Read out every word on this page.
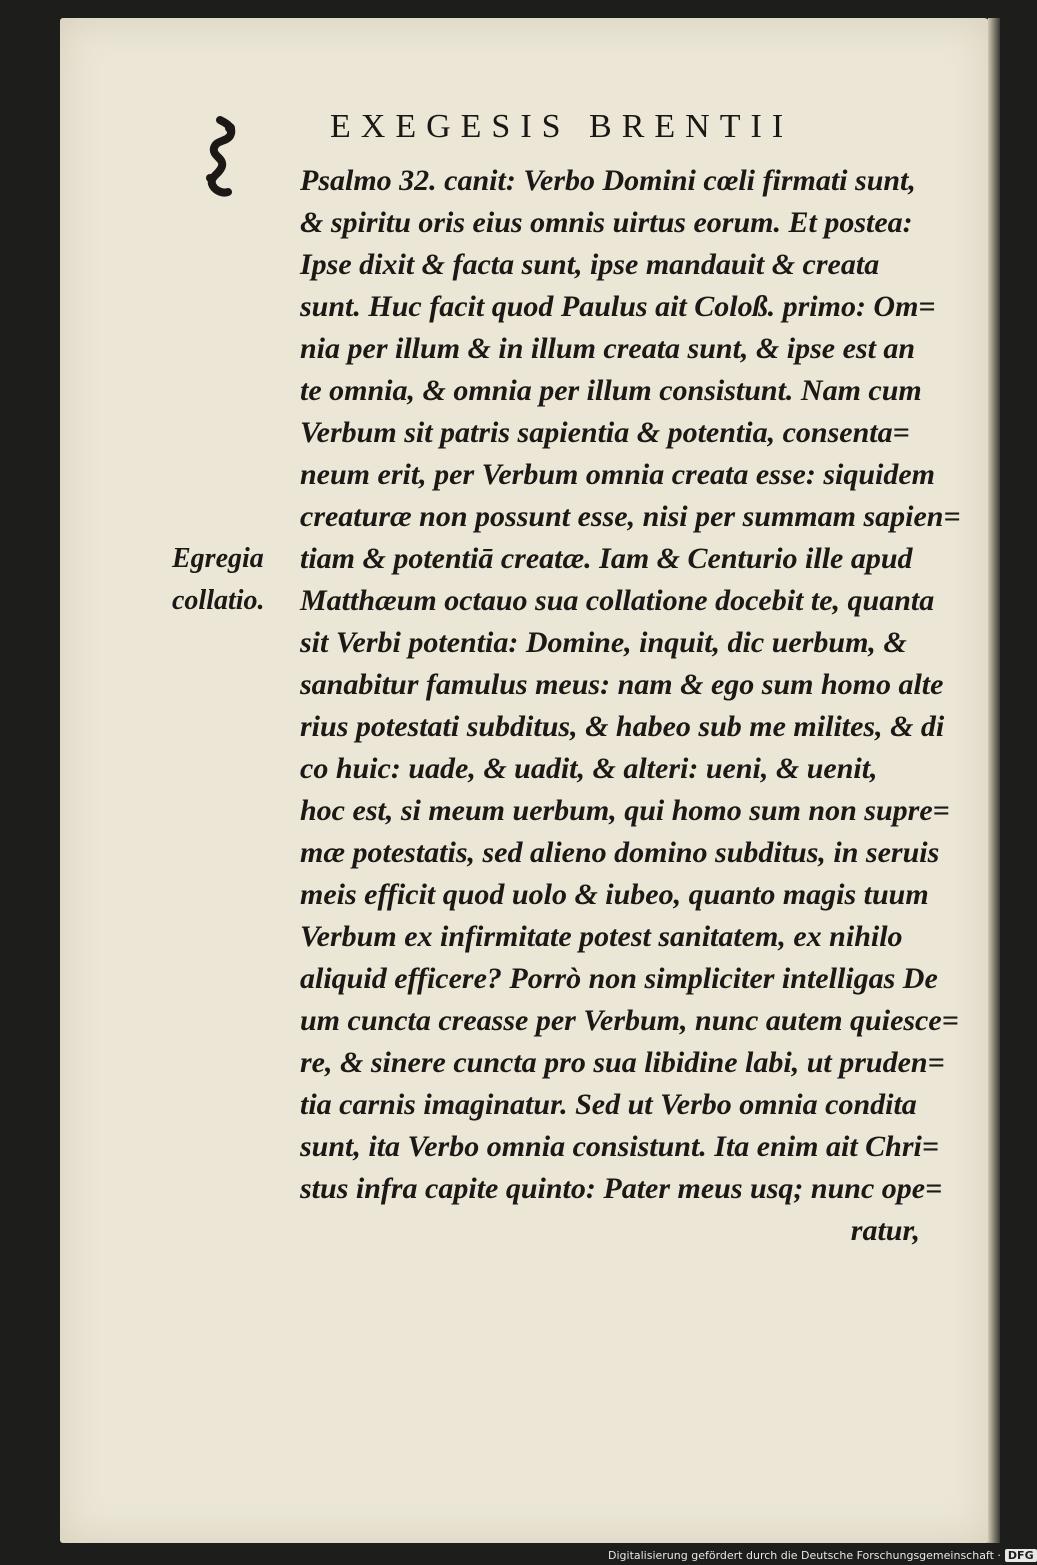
EXEGESIS BRENTII
Egregia
collatio.
Psalmo 32. canit: Verbo Domini cœli firmati sunt,
& spiritu oris eius omnis uirtus eorum. Et postea:
Ipse dixit & facta sunt, ipse mandauit & creata
sunt. Huc facit quod Paulus ait Coloß. primo: Om=
nia per illum & in illum creata sunt, & ipse est an
te omnia, & omnia per illum consistunt. Nam cum
Verbum sit patris sapientia & potentia, consenta=
neum erit, per Verbum omnia creata esse: siquidem
creaturæ non possunt esse, nisi per summam sapien=
tiam & potentiā creatæ. Iam & Centurio ille apud
Matthæum octauo sua collatione docebit te, quanta
sit Verbi potentia: Domine, inquit, dic uerbum, &
sanabitur famulus meus: nam & ego sum homo alte
rius potestati subditus, & habeo sub me milites, & di
co huic: uade, & uadit, & alteri: ueni, & uenit,
hoc est, si meum uerbum, qui homo sum non supre=
mæ potestatis, sed alieno domino subditus, in seruis
meis efficit quod uolo & iubeo, quanto magis tuum
Verbum ex infirmitate potest sanitatem, ex nihilo
aliquid efficere? Porrò non simpliciter intelligas De
um cuncta creasse per Verbum, nunc autem quiesce=
re, & sinere cuncta pro sua libidine labi, ut pruden=
tia carnis imaginatur. Sed ut Verbo omnia condita
sunt, ita Verbo omnia consistunt. Ita enim ait Chri=
stus infra capite quinto: Pater meus usq; nunc ope=
ratur,
Digitalisierung gefördert durch die Deutsche Forschungsgemeinschaft · DFG
